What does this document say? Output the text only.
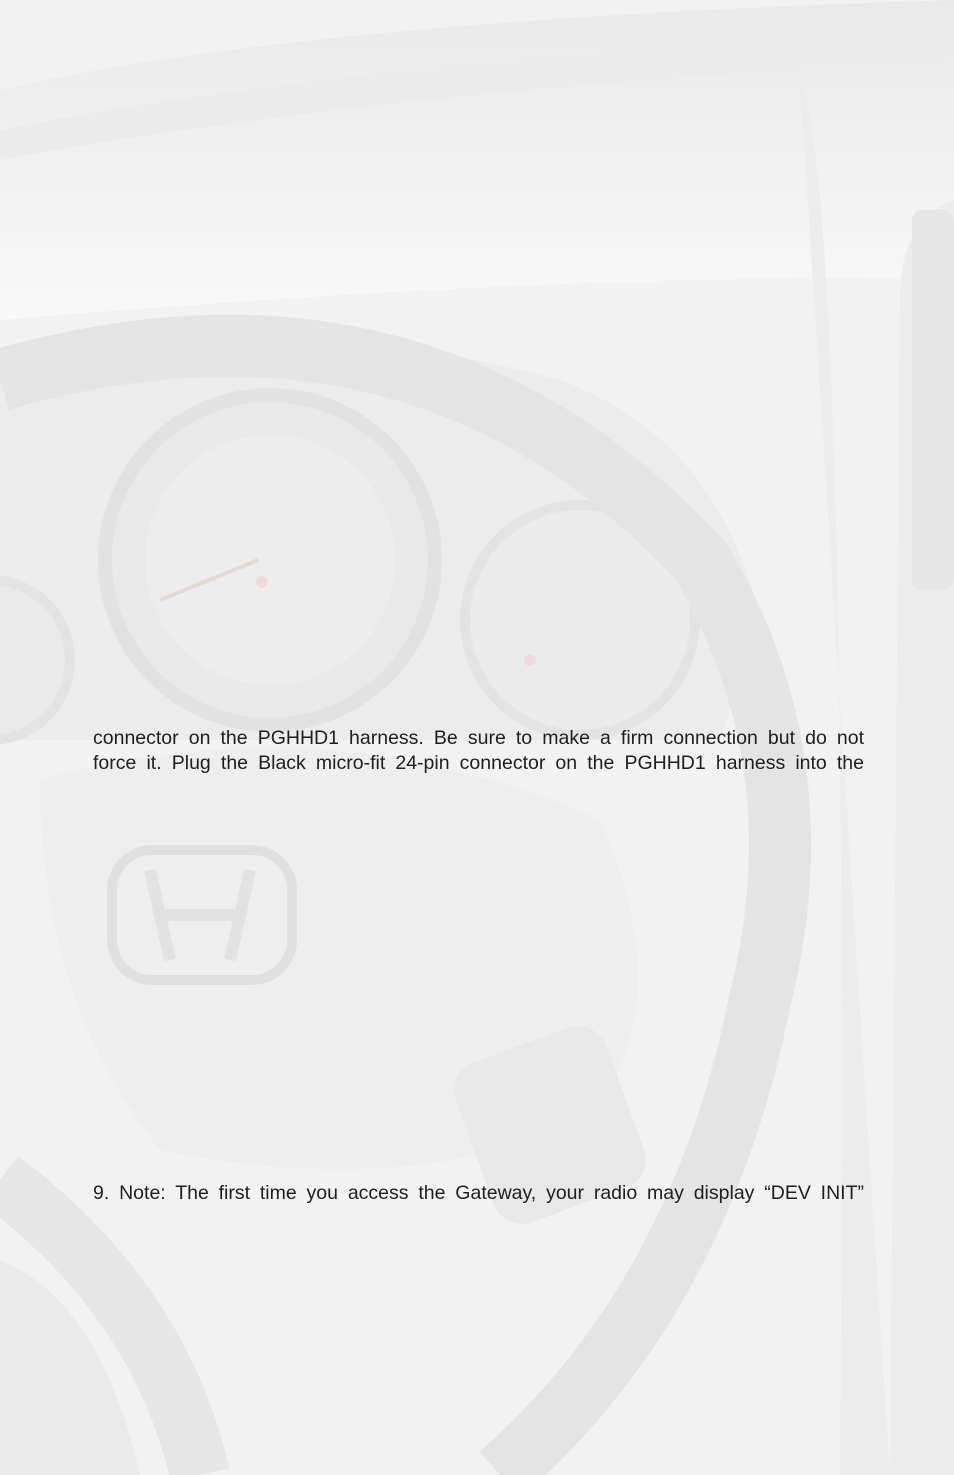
connector on the PGHHD1 harness. Be sure to make a firm connection but do not
force it. Plug the Black micro-fit 24-pin connector on the PGHHD1 harness into the
9. Note: The first time you access the Gateway, your radio may display “DEV INIT”
